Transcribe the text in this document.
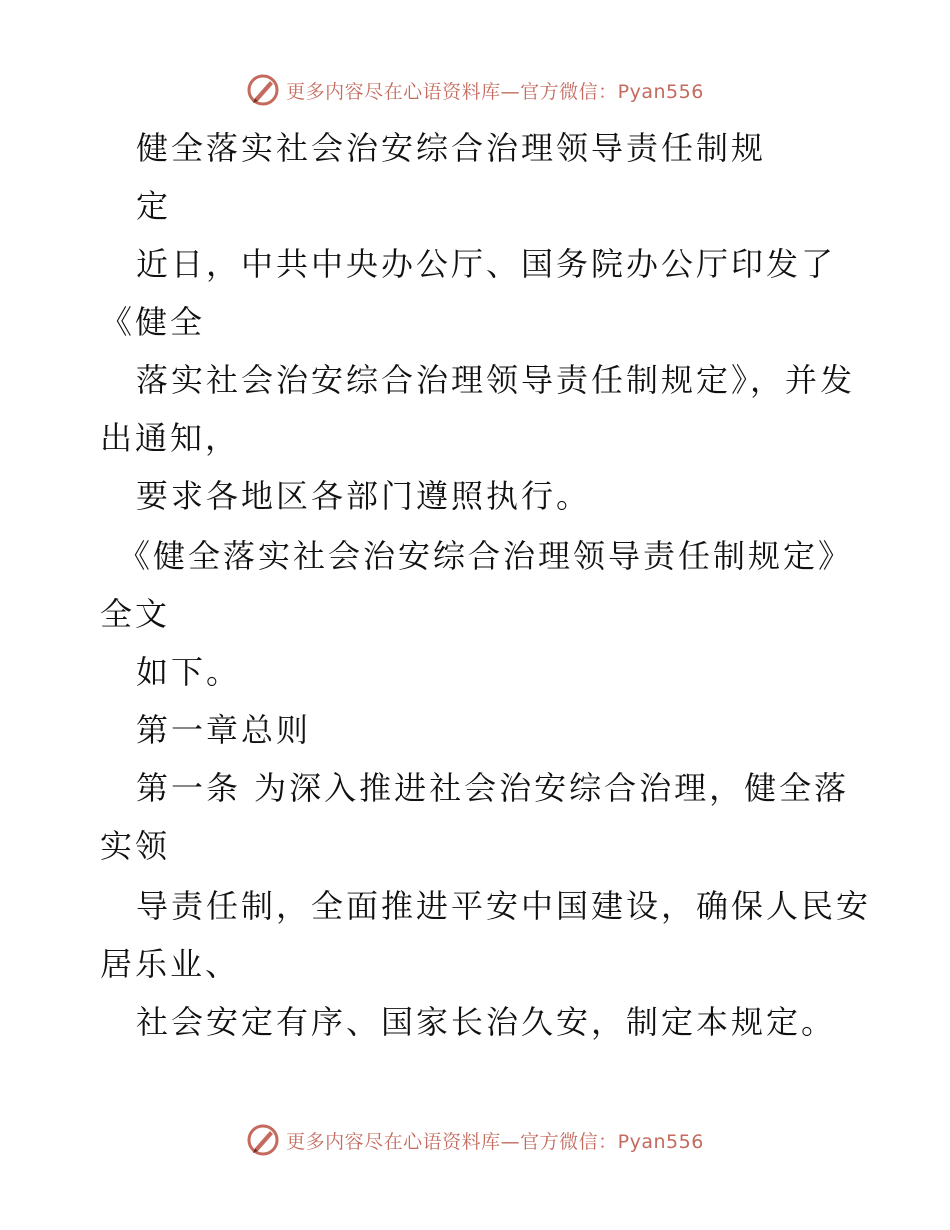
更多内容尽在心语资料库—官方微信：Pyan556
健全落实社会治安综合治理领导责任制规
定
近日，中共中央办公厅、国务院办公厅印发了
《健全
落实社会治安综合治理领导责任制规定》，并发
出通知，
要求各地区各部门遵照执行。
《健全落实社会治安综合治理领导责任制规定》
全文
如下。
第一章总则
第一条 为深入推进社会治安综合治理，健全落
实领
导责任制，全面推进平安中国建设，确保人民安
居乐业、
社会安定有序、国家长治久安，制定本规定。
更多内容尽在心语资料库—官方微信：Pyan556
